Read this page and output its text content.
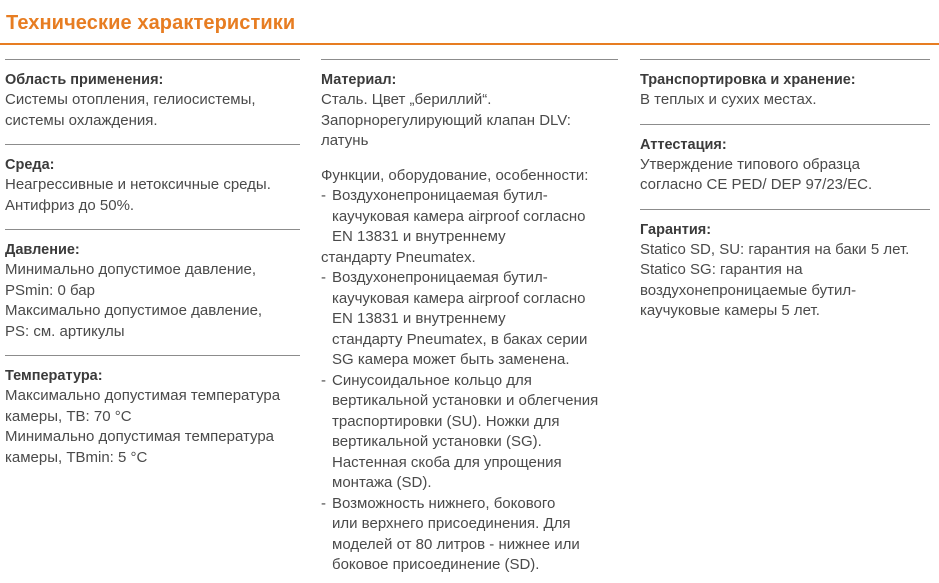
Технические характеристики
Область применения:
Системы отопления, гелиосистемы,
системы охлаждения.
Среда:
Неагрессивные и нетоксичные среды.
Антифриз до 50%.
Давление:
Минимально допустимое давление,
PSmin: 0 бар
Максимально допустимое давление,
PS: см. артикулы
Температура:
Максимально допустимая температура
камеры, TB: 70 °C
Минимально допустимая температура
камеры, TBmin: 5 °C
Материал:
Сталь. Цвет „бериллий“.
Запорнорегулирующий клапан DLV:
латунь
Функции, оборудование, особенности:
- Воздухонепроницаемая бутил-
каучуковая камера airproof согласно
EN 13831 и внутреннему
стандарту Pneumatex.
- Воздухонепроницаемая бутил-
каучуковая камера airproof согласно
EN 13831 и внутреннему
стандарту Pneumatex, в баках серии
SG камера может быть заменена.
- Синусоидальное кольцо для
вертикальной установки и облегчения
траспортировки (SU). Ножки для
вертикальной установки (SG).
Настенная скоба для упрощения
монтажа (SD).
- Возможность нижнего, бокового
или верхнего присоединения. Для
моделей от 80 литров - нижнее или
боковое присоединение (SD).
Транспортировка и хранение:
В теплых и сухих местах.
Аттестация:
Утверждение типового образца
согласно CE PED/ DEP 97/23/EC.
Гарантия:
Statico SD, SU: гарантия на баки 5 лет.
Statico SG: гарантия на
воздухонепроницаемые бутил-
каучуковые камеры 5 лет.
